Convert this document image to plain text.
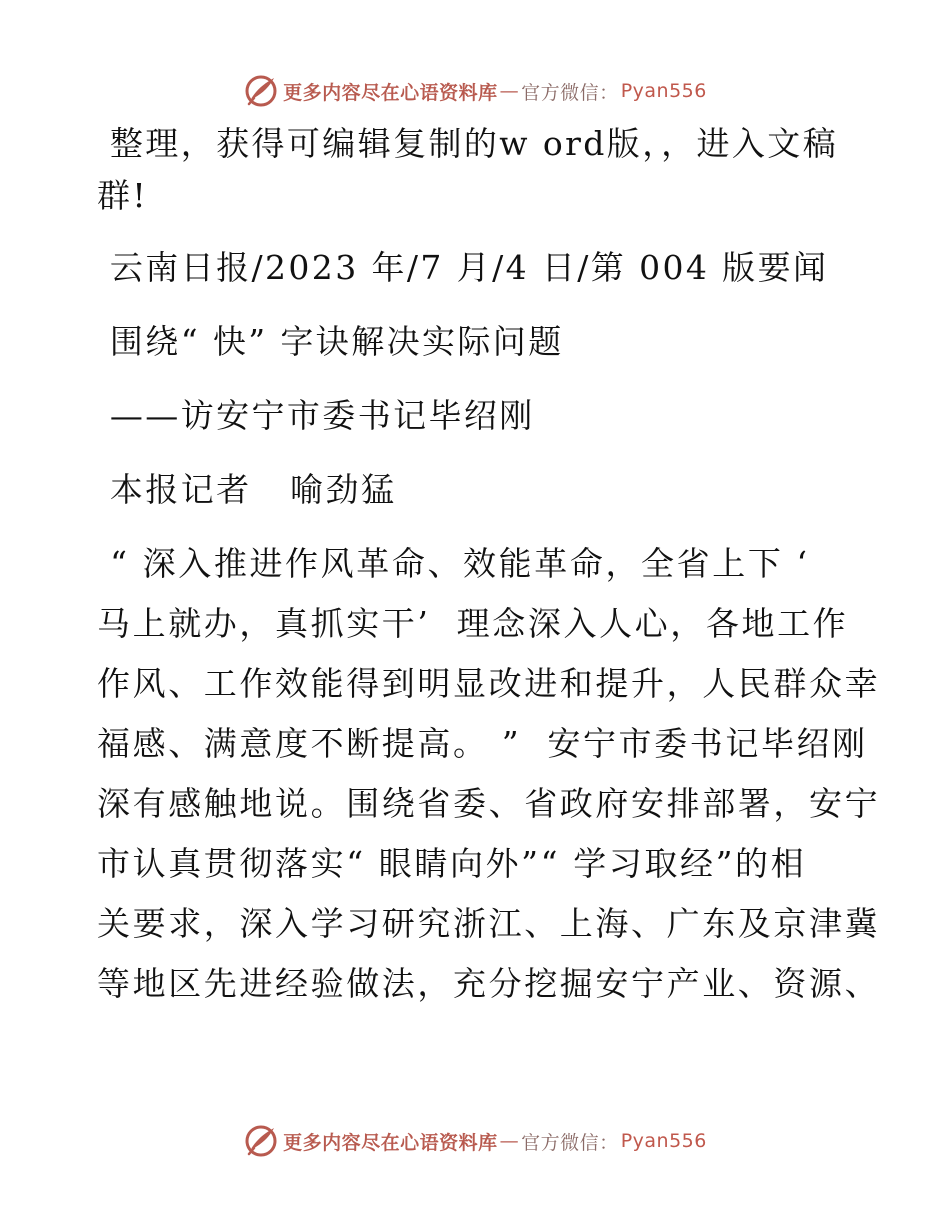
更多内容尽在心语资料库 — 官方微信： Pyan556
整理，获得可编辑复制的w ord版，，进入文稿
群!
云南日报/2023 年/7 月/4 日/第 004 版要闻
围绕“ 快” 字诀解决实际问题
——访安宁市委书记毕绍刚
本报记者   喻劲猛
“ 深入推进作风革命、效能革命，全省上下 ‘
马上就办，真抓实干’  理念深入人心，各地工作
作风、工作效能得到明显改进和提升，人民群众幸
福感、满意度不断提高。 ”  安宁市委书记毕绍刚
深有感触地说。围绕省委、省政府安排部署，安宁
市认真贯彻落实“ 眼睛向外”“ 学习取经”的相
关要求，深入学习研究浙江、上海、广东及京津冀
等地区先进经验做法，充分挖掘安宁产业、资源、
更多内容尽在心语资料库 — 官方微信： Pyan556
